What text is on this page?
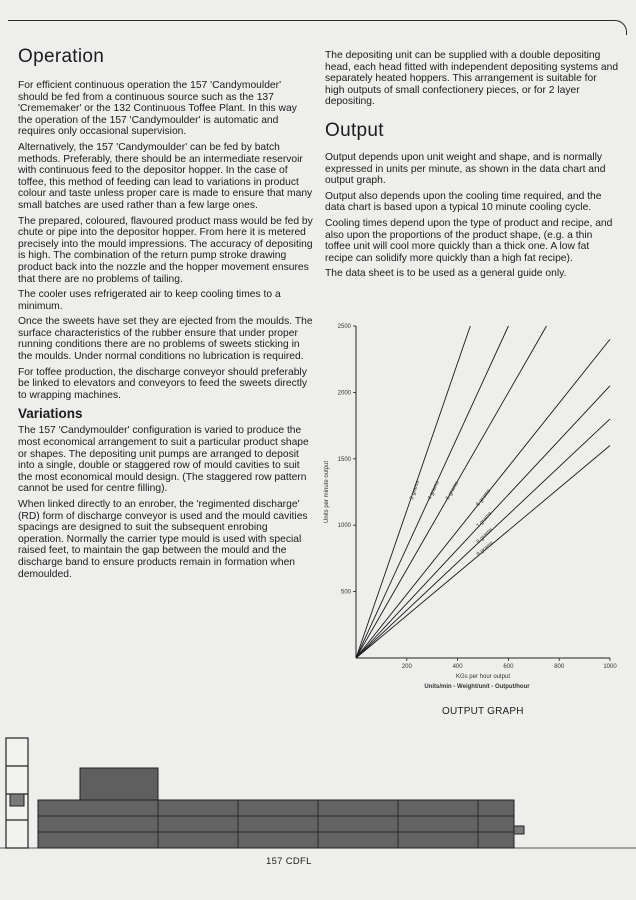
Operation

For efficient continuous operation the 157 'Candymoulder' should be fed from a continuous source such as the 137 'Crememaker' or the 132 Continuous Toffee Plant. In this way the operation of the 157 'Candymoulder' is automatic and requires only occasional supervision.

Alternatively, the 157 'Candymoulder' can be fed by batch methods. Preferably, there should be an intermediate reservoir with continuous feed to the depositor hopper. In the case of toffee, this method of feeding can lead to variations in product colour and taste unless proper care is made to ensure that many small batches are used rather than a few large ones.

The prepared, coloured, flavoured product mass would be fed by chute or pipe into the depositor hopper. From here it is metered precisely into the mould impressions. The accuracy of depositing is high. The combination of the return pump stroke drawing product back into the nozzle and the hopper movement ensures that there are no problems of tailing.

The cooler uses refrigerated air to keep cooling times to a minimum.

Once the sweets have set they are ejected from the moulds. The surface characteristics of the rubber ensure that under proper running conditions there are no problems of sweets sticking in the moulds. Under normal conditions no lubrication is required.

For toffee production, the discharge conveyor should preferably be linked to elevators and conveyors to feed the sweets directly to wrapping machines.

Variations

The 157 'Candymoulder' configuration is varied to produce the most economical arrangement to suit a particular product shape or shapes. The depositing unit pumps are arranged to deposit into a single, double or staggered row of mould cavities to suit the most economical mould design. (The staggered row pattern cannot be used for centre filling).

When linked directly to an enrober, the 'regimented discharge' (RD) form of discharge conveyor is used and the mould cavities spacings are designed to suit the subsequent enrobing operation. Normally the carrier type mould is used with special raised feet, to maintain the gap between the mould and the discharge band to ensure products remain in formation when demoulded.

The depositing unit can be supplied with a double depositing head, each head fitted with independent depositing systems and separately heated hoppers. This arrangement is suitable for high outputs of small confectionery pieces, or for 2 layer depositing.

Output

Output depends upon unit weight and shape, and is normally expressed in units per minute, as shown in the data chart and output graph.

Output also depends upon the cooling time required, and the data chart is based upon a typical 10 minute cooling cycle.

Cooling times depend upon the type of product and recipe, and also upon the proportions of the product shape, (e.g. a thin toffee unit will cool more quickly than a thick one. A low fat recipe can solidify more quickly than a high fat recipe).

The data sheet is to be used as a general guide only.

500
1000
1500
2000
2500
200	400	600	800	1000
Units per minute output
KGs per hour output
Units/min - Weight/unit - Output/hour
3 grams 4 grams 5 grams	6 grams
7 grams
8 grams
9 grams
OUTPUT GRAPH
157 CDFL
